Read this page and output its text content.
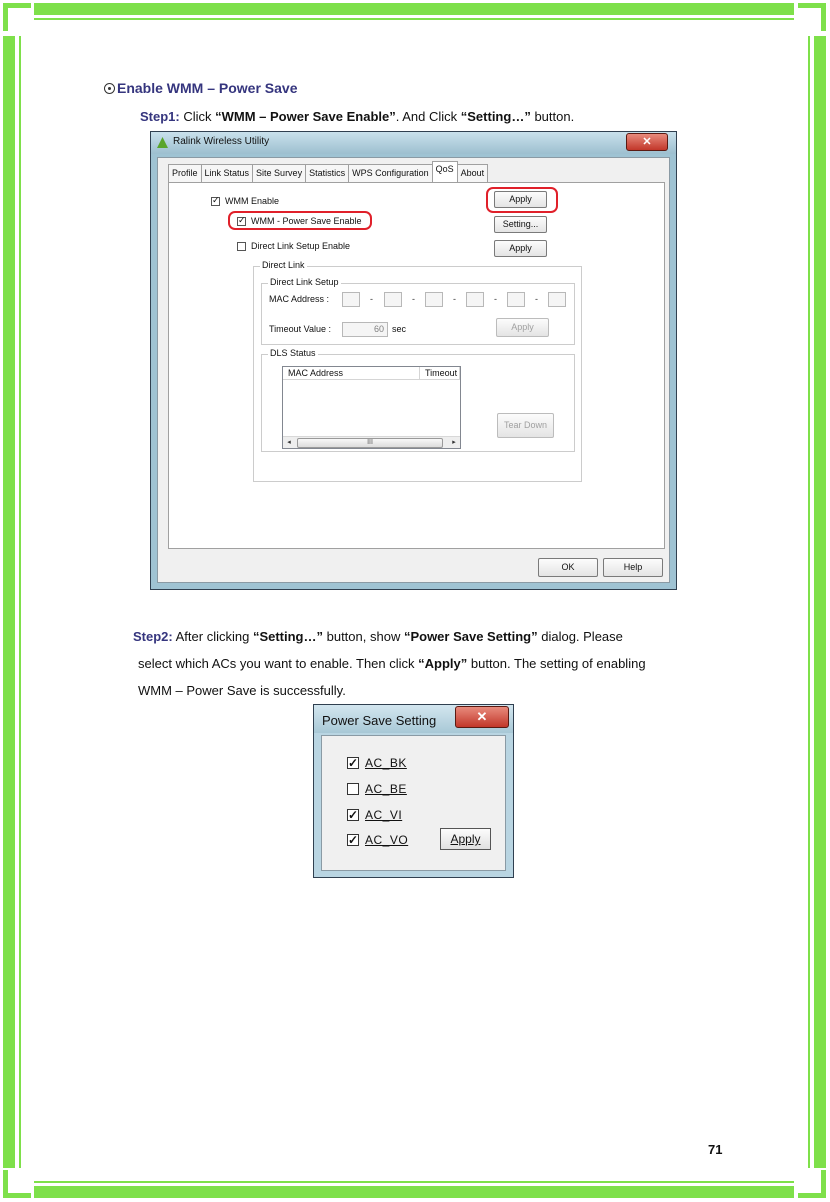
Enable WMM – Power Save
Step1: Click “WMM – Power Save Enable”. And Click “Setting…” button.
Ralink Wireless Utility	✕
Profile Link Status Site Survey Statistics WPS Configuration QoS About
✓
WMM Enable
✓
WMM - Power Save Enable
Direct Link Setup Enable
Apply
Setting...
Apply
Direct Link
Direct Link Setup
MAC Address :	-	-	-	-	-
Timeout Value :	60 sec	Apply
DLS Status
MAC Address	Timeout
◂	III	▸
Tear Down
OK	Help

Step2: After clicking “Setting…” button, show “Power Save Setting” dialog. Please

select which ACs you want to enable. Then click “Apply” button. The setting of enabling

WMM – Power Save is successfully.

Power Save Setting	✕
✓
AC_BK
AC_BE
✓
AC_VI
✓
AC_VO	Apply
71
